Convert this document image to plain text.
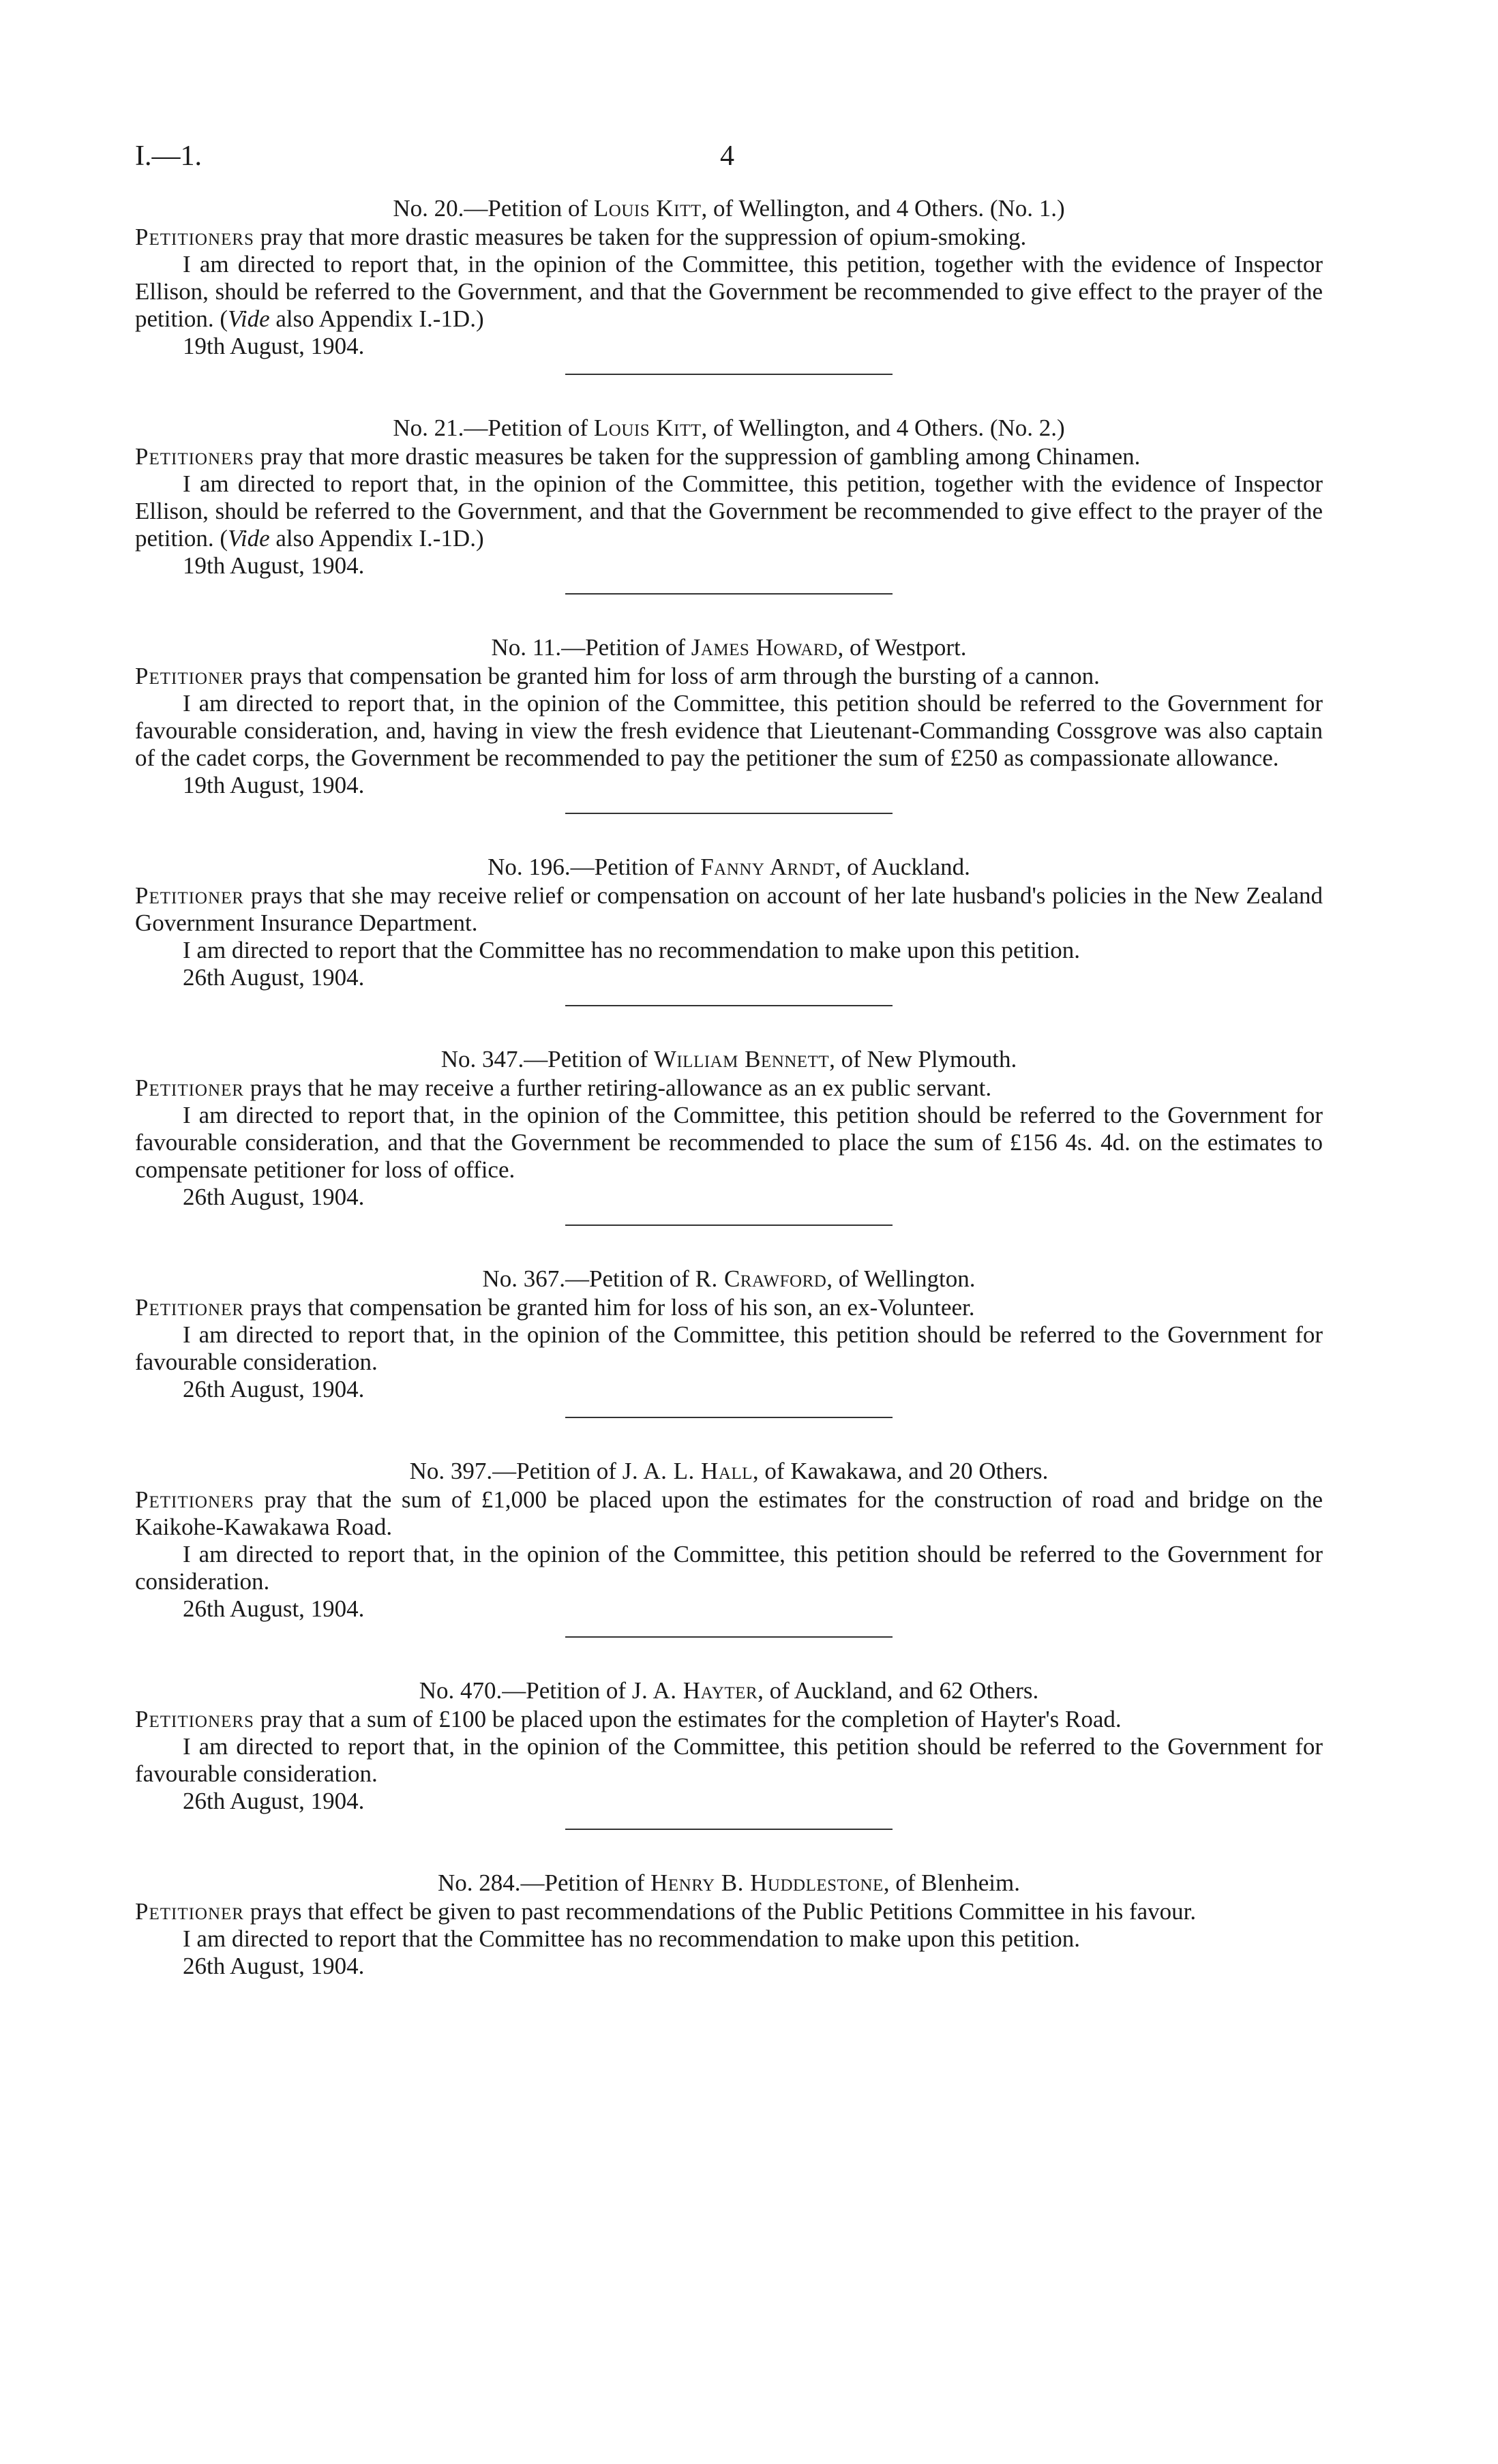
I.—1.	4
No. 20.—Petition of Louis Kitt, of Wellington, and 4 Others. (No. 1.)

Petitioners pray that more drastic measures be taken for the suppression of opium-smoking.

I am directed to report that, in the opinion of the Committee, this petition, together with the evidence of Inspector Ellison, should be referred to the Government, and that the Government be recommended to give effect to the prayer of the petition. (Vide also Appendix I.-1D.)

19th August, 1904.

No. 21.—Petition of Louis Kitt, of Wellington, and 4 Others. (No. 2.)

Petitioners pray that more drastic measures be taken for the suppression of gambling among Chinamen.

I am directed to report that, in the opinion of the Committee, this petition, together with the evidence of Inspector Ellison, should be referred to the Government, and that the Government be recommended to give effect to the prayer of the petition. (Vide also Appendix I.-1D.)

19th August, 1904.

No. 11.—Petition of James Howard, of Westport.

Petitioner prays that compensation be granted him for loss of arm through the bursting of a cannon.

I am directed to report that, in the opinion of the Committee, this petition should be referred to the Government for favourable consideration, and, having in view the fresh evidence that Lieutenant-Commanding Cossgrove was also captain of the cadet corps, the Government be recommended to pay the petitioner the sum of £250 as compassionate allowance.

19th August, 1904.

No. 196.—Petition of Fanny Arndt, of Auckland.

Petitioner prays that she may receive relief or compensation on account of her late husband's policies in the New Zealand Government Insurance Department.

I am directed to report that the Committee has no recommendation to make upon this petition.

26th August, 1904.

No. 347.—Petition of William Bennett, of New Plymouth.

Petitioner prays that he may receive a further retiring-allowance as an ex public servant.

I am directed to report that, in the opinion of the Committee, this petition should be referred to the Government for favourable consideration, and that the Government be recommended to place the sum of £156 4s. 4d. on the estimates to compensate petitioner for loss of office.

26th August, 1904.

No. 367.—Petition of R. Crawford, of Wellington.

Petitioner prays that compensation be granted him for loss of his son, an ex-Volunteer.

I am directed to report that, in the opinion of the Committee, this petition should be referred to the Government for favourable consideration.

26th August, 1904.

No. 397.—Petition of J. A. L. Hall, of Kawakawa, and 20 Others.

Petitioners pray that the sum of £1,000 be placed upon the estimates for the construction of road and bridge on the Kaikohe-Kawakawa Road.

I am directed to report that, in the opinion of the Committee, this petition should be referred to the Government for consideration.

26th August, 1904.

No. 470.—Petition of J. A. Hayter, of Auckland, and 62 Others.

Petitioners pray that a sum of £100 be placed upon the estimates for the completion of Hayter's Road.

I am directed to report that, in the opinion of the Committee, this petition should be referred to the Government for favourable consideration.

26th August, 1904.

No. 284.—Petition of Henry B. Huddlestone, of Blenheim.

Petitioner prays that effect be given to past recommendations of the Public Petitions Committee in his favour.

I am directed to report that the Committee has no recommendation to make upon this petition.

26th August, 1904.
